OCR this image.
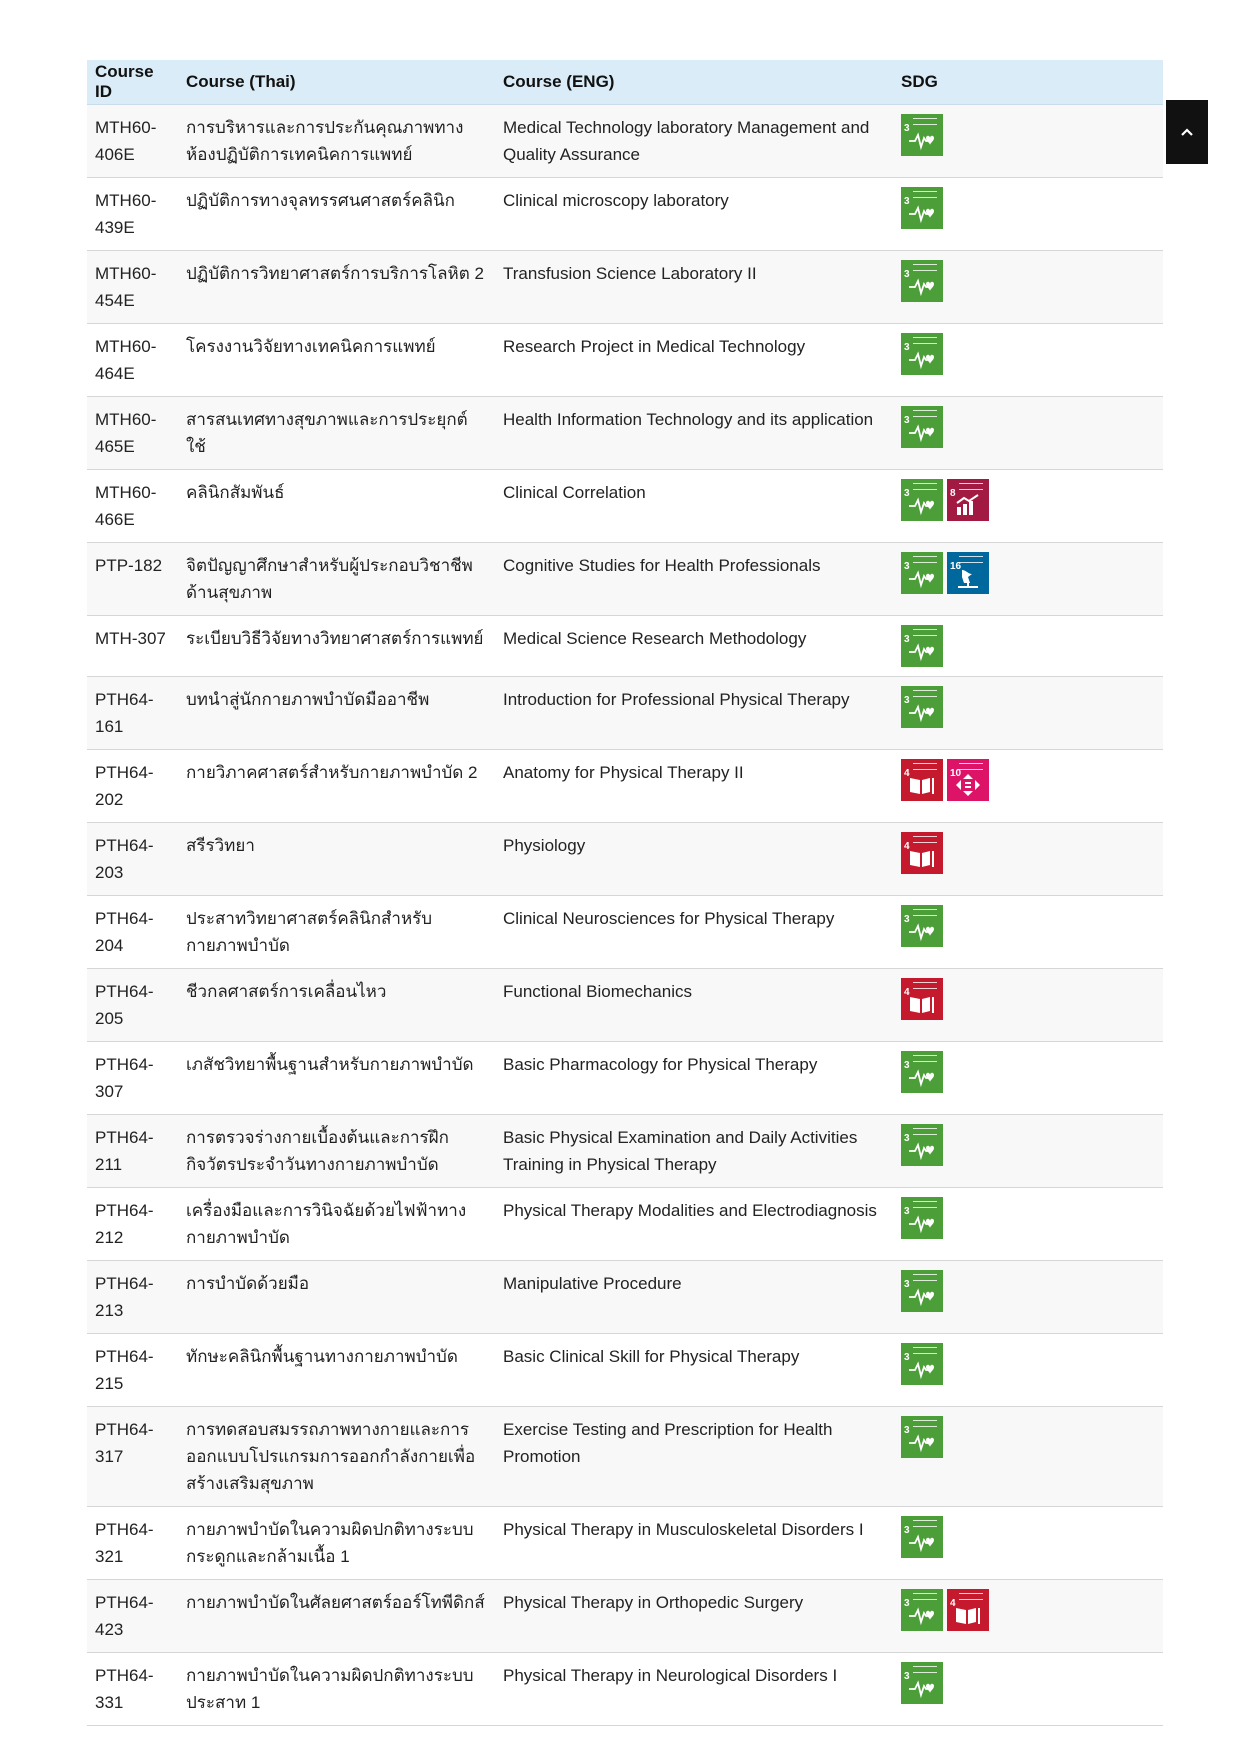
Course ID	Course (Thai)	Course (ENG)	SDG
MTH60-406E	การบริหารและการประกันคุณภาพทางห้องปฏิบัติการเทคนิคการแพทย์	Medical Technology laboratory Management and Quality Assurance	3

MTH60-439E	ปฏิบัติการทางจุลทรรศนศาสตร์คลินิก	Clinical microscopy laboratory	3

MTH60-454E	ปฏิบัติการวิทยาศาสตร์การบริการโลหิต 2	Transfusion Science Laboratory II	3

MTH60-464E	โครงงานวิจัยทางเทคนิคการแพทย์	Research Project in Medical Technology	3

MTH60-465E	สารสนเทศทางสุขภาพและการประยุกต์ใช้	Health Information Technology and its application	3

MTH60-466E	คลินิกสัมพันธ์	Clinical Correlation	3 8

PTP-182	จิตปัญญาศึกษาสำหรับผู้ประกอบวิชาชีพด้านสุขภาพ	Cognitive Studies for Health Professionals	3 16

MTH-307	ระเบียบวิธีวิจัยทางวิทยาศาสตร์การแพทย์	Medical Science Research Methodology	3

PTH64-161	บทนำสู่นักกายภาพบำบัดมืออาชีพ	Introduction for Professional Physical Therapy	3

PTH64-202	กายวิภาคศาสตร์สำหรับกายภาพบำบัด 2	Anatomy for Physical Therapy II	4 10

PTH64-203	สรีรวิทยา	Physiology	4

PTH64-204	ประสาทวิทยาศาสตร์คลินิกสำหรับกายภาพบำบัด	Clinical Neurosciences for Physical Therapy	3

PTH64-205	ชีวกลศาสตร์การเคลื่อนไหว	Functional Biomechanics	4

PTH64-307	เภสัชวิทยาพื้นฐานสำหรับกายภาพบำบัด	Basic Pharmacology for Physical Therapy	3

PTH64-211	การตรวจร่างกายเบื้องต้นและการฝึกกิจวัตรประจำวันทางกายภาพบำบัด	Basic Physical Examination and Daily Activities Training in Physical Therapy	3

PTH64-212	เครื่องมือและการวินิจฉัยด้วยไฟฟ้าทางกายภาพบำบัด	Physical Therapy Modalities and Electrodiagnosis	3

PTH64-213	การบำบัดด้วยมือ	Manipulative Procedure	3

PTH64-215	ทักษะคลินิกพื้นฐานทางกายภาพบำบัด	Basic Clinical Skill for Physical Therapy	3

PTH64-317	การทดสอบสมรรถภาพทางกายและการออกแบบโปรแกรมการออกกำลังกายเพื่อสร้างเสริมสุขภาพ	Exercise Testing and Prescription for Health Promotion	3

PTH64-321	กายภาพบำบัดในความผิดปกติทางระบบกระดูกและกล้ามเนื้อ 1	Physical Therapy in Musculoskeletal Disorders I	3

PTH64-423	กายภาพบำบัดในศัลยศาสตร์ออร์โทพีดิกส์	Physical Therapy in Orthopedic Surgery	3 4

PTH64-331	กายภาพบำบัดในความผิดปกติทางระบบประสาท 1	Physical Therapy in Neurological Disorders I	3
